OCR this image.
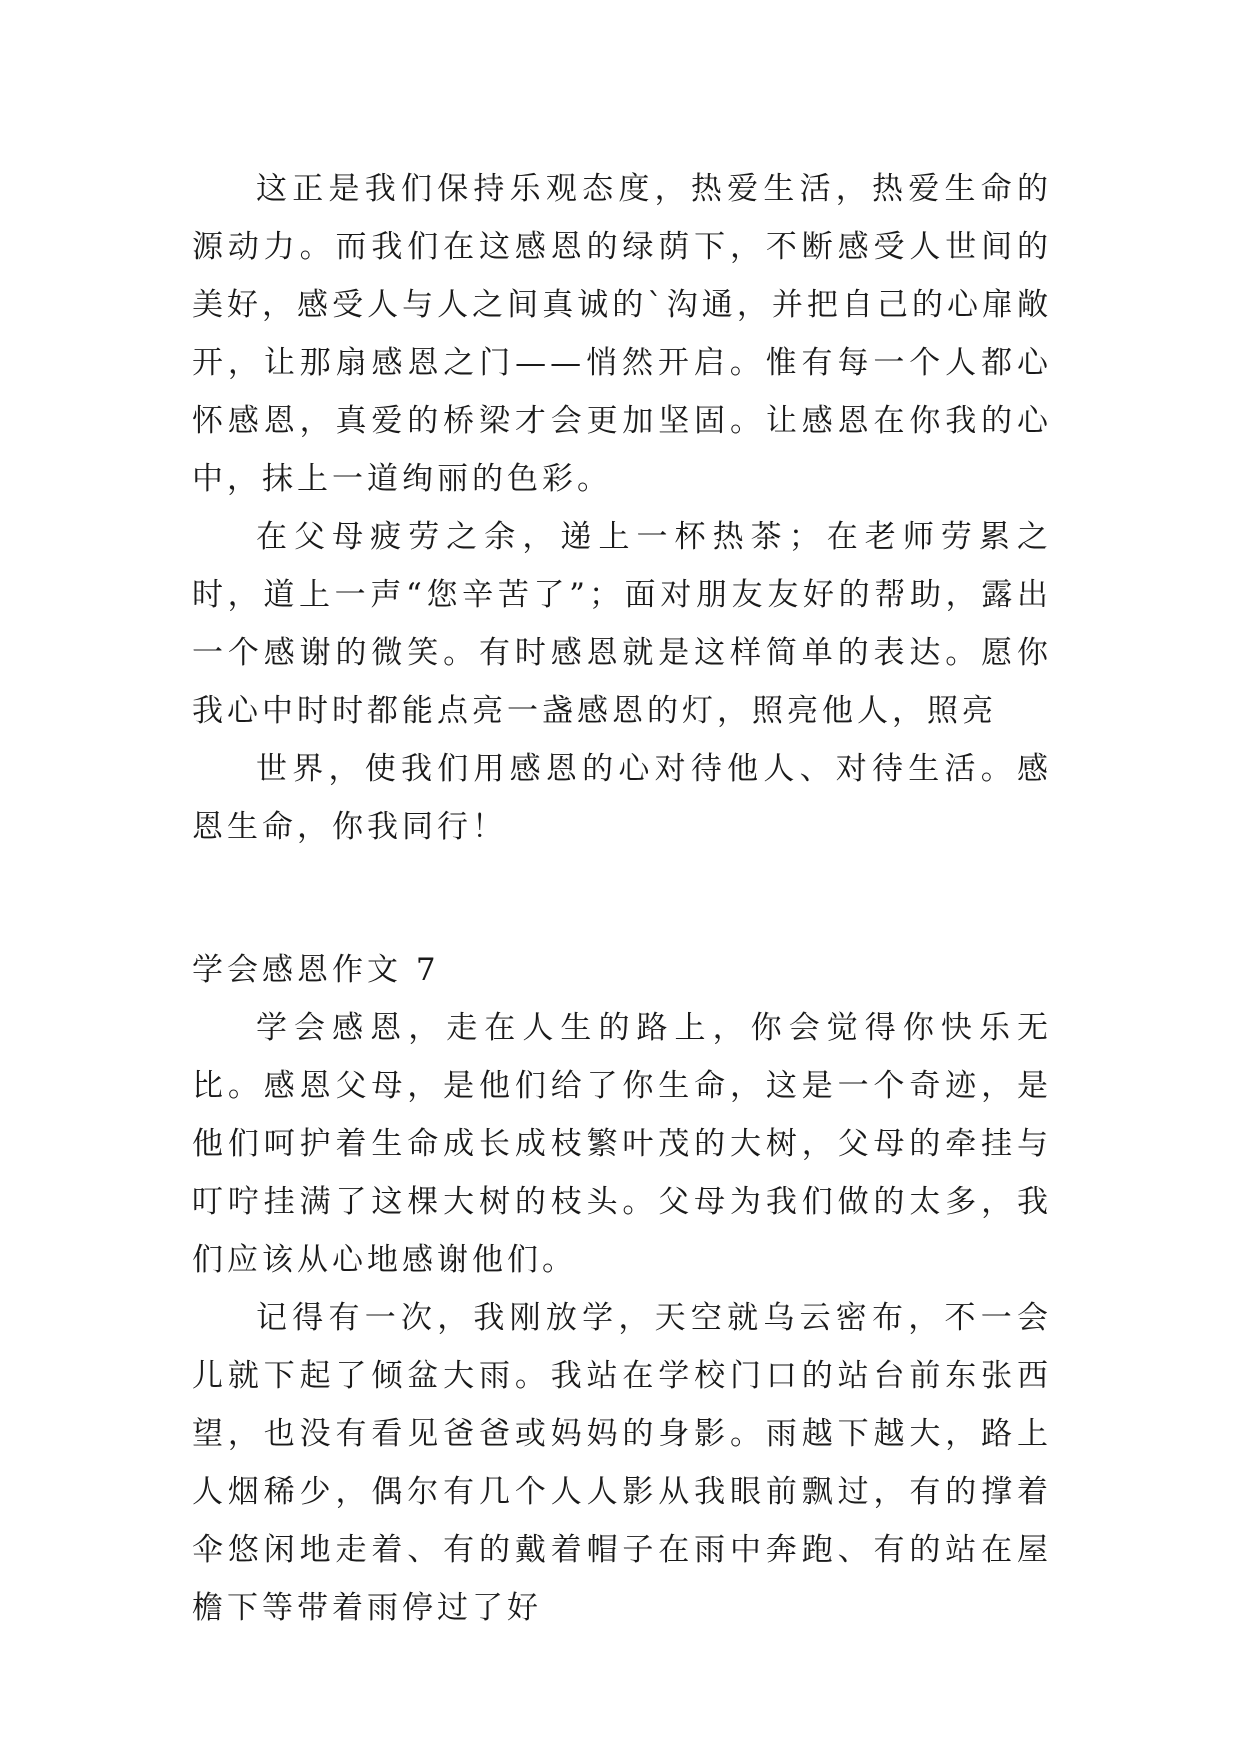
这正是我们保持乐观态度，热爱生活，热爱生命的源动力。而我们在这感恩的绿荫下，不断感受人世间的美好，感受人与人之间真诚的`沟通，并把自己的心扉敞开，让那扇感恩之门——悄然开启。惟有每一个人都心怀感恩，真爱的桥梁才会更加坚固。让感恩在你我的心中，抹上一道绚丽的色彩。

在父母疲劳之余，递上一杯热茶；在老师劳累之时，道上一声“您辛苦了”；面对朋友友好的帮助，露出一个感谢的微笑。有时感恩就是这样简单的表达。愿你我心中时时都能点亮一盏感恩的灯，照亮他人，照亮

世界，使我们用感恩的心对待他人、对待生活。感恩生命，你我同行！

学会感恩作文 7

学会感恩，走在人生的路上，你会觉得你快乐无比。感恩父母，是他们给了你生命，这是一个奇迹，是他们呵护着生命成长成枝繁叶茂的大树，父母的牵挂与叮咛挂满了这棵大树的枝头。父母为我们做的太多，我们应该从心地感谢他们。

记得有一次，我刚放学，天空就乌云密布，不一会儿就下起了倾盆大雨。我站在学校门口的站台前东张西望，也没有看见爸爸或妈妈的身影。雨越下越大，路上人烟稀少，偶尔有几个人人影从我眼前飘过，有的撑着伞悠闲地走着、有的戴着帽子在雨中奔跑、有的站在屋檐下等带着雨停过了好
